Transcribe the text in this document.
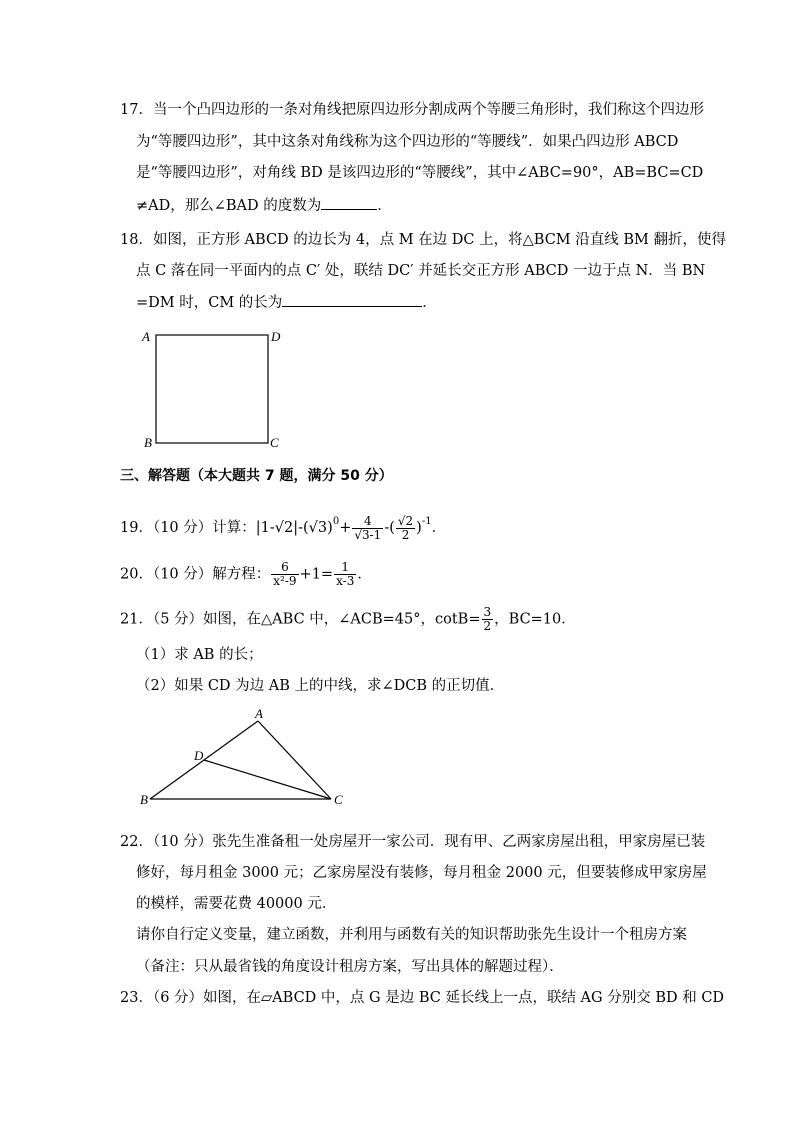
17．当一个凸四边形的一条对角线把原四边形分割成两个等腰三角形时，我们称这个四边形
为“等腰四边形”，其中这条对角线称为这个四边形的“等腰线”．如果凸四边形 ABCD
是“等腰四边形”，对角线 BD 是该四边形的“等腰线”，其中∠ABC=90°，AB=BC=CD
≠AD，那么∠BAD 的度数为	．
18．如图，正方形 ABCD 的边长为 4，点 M 在边 DC 上，将△BCM 沿直线 BM 翻折，使得
点 C 落在同一平面内的点 C′ 处，联结 DC′ 并延长交正方形 ABCD 一边于点 N．当 BN
=DM 时，CM 的长为	．
A	D
B	C
三、解答题（本大题共 7 题，满分 50 分）
19．（10 分）计算：$|1-√2|-(√3)^0+ \frac{4}{√3-1}$ -( $\frac{√2}{2} )^{-1}$．
20．（10 分）解方程： $\frac{6}{\text{x²-9}} +1= \frac{1}{x-3}$ ．
21．（5 分）如图，在△ABC 中，∠ACB=45°，$\cot B= \frac{3}{2}$ ，BC=10．
（1）求 AB 的长；
（2）如果 CD 为边 AB 上的中线，求∠DCB 的正切值．
A
D
B	C
22．（10 分）张先生准备租一处房屋开一家公司．现有甲、乙两家房屋出租，甲家房屋已装
修好，每月租金 3000 元；乙家房屋没有装修，每月租金 2000 元，但要装修成甲家房屋
的模样，需要花费 40000 元．
请你自行定义变量，建立函数，并利用与函数有关的知识帮助张先生设计一个租房方案
（备注：只从最省钱的角度设计租房方案，写出具体的解题过程）．
23．（6 分）如图，在▱ABCD 中，点 G 是边 BC 延长线上一点，联结 AG 分别交 BD 和 CD
